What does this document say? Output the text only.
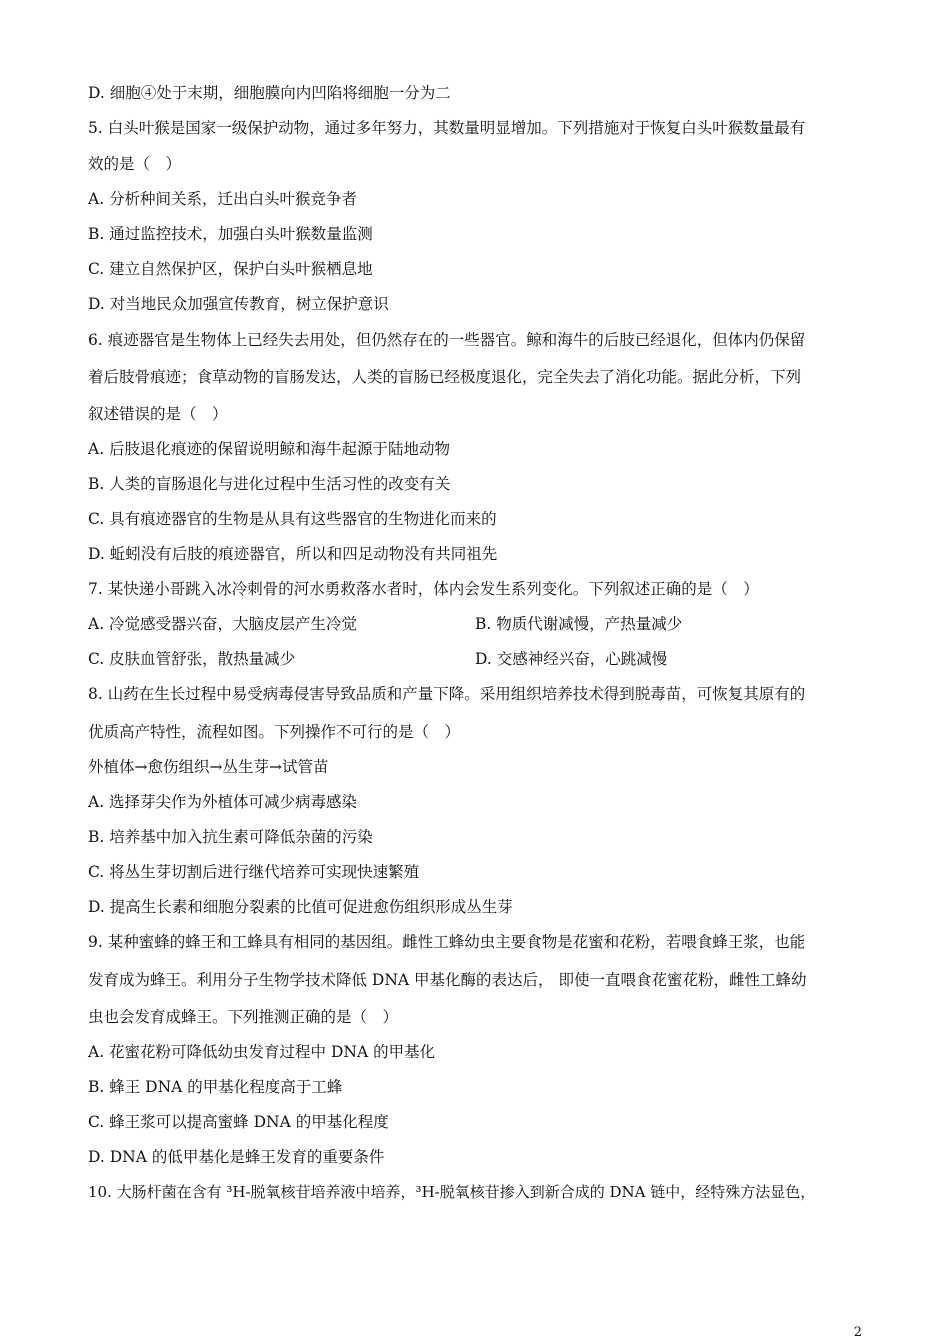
D. 细胞④处于末期，细胞膜向内凹陷将细胞一分为二
5. 白头叶猴是国家一级保护动物，通过多年努力，其数量明显增加。下列措施对于恢复白头叶猴数量最有
效的是（　）
A. 分析种间关系，迁出白头叶猴竞争者
B. 通过监控技术，加强白头叶猴数量监测
C. 建立自然保护区，保护白头叶猴栖息地
D. 对当地民众加强宣传教育，树立保护意识
6. 痕迹器官是生物体上已经失去用处，但仍然存在的一些器官。鲸和海牛的后肢已经退化，但体内仍保留
着后肢骨痕迹；食草动物的盲肠发达，人类的盲肠已经极度退化，完全失去了消化功能。据此分析，下列
叙述错误的是（　）
A. 后肢退化痕迹的保留说明鲸和海牛起源于陆地动物
B. 人类的盲肠退化与进化过程中生活习性的改变有关
C. 具有痕迹器官的生物是从具有这些器官的生物进化而来的
D. 蚯蚓没有后肢的痕迹器官，所以和四足动物没有共同祖先
7. 某快递小哥跳入冰冷刺骨的河水勇救落水者时，体内会发生系列变化。下列叙述正确的是（　）
A. 冷觉感受器兴奋，大脑皮层产生冷觉	B. 物质代谢减慢，产热量减少
C. 皮肤血管舒张，散热量减少	D. 交感神经兴奋，心跳减慢
8. 山药在生长过程中易受病毒侵害导致品质和产量下降。采用组织培养技术得到脱毒苗，可恢复其原有的
优质高产特性，流程如图。下列操作不可行的是（　）
外植体→愈伤组织→丛生芽→试管苗
A. 选择芽尖作为外植体可减少病毒感染
B. 培养基中加入抗生素可降低杂菌的污染
C. 将丛生芽切割后进行继代培养可实现快速繁殖
D. 提高生长素和细胞分裂素的比值可促进愈伤组织形成丛生芽
9. 某种蜜蜂的蜂王和工蜂具有相同的基因组。雌性工蜂幼虫主要食物是花蜜和花粉，若喂食蜂王浆，也能
发育成为蜂王。利用分子生物学技术降低 DNA 甲基化酶的表达后， 即使一直喂食花蜜花粉，雌性工蜂幼
虫也会发育成蜂王。下列推测正确的是（　）
A. 花蜜花粉可降低幼虫发育过程中 DNA 的甲基化
B. 蜂王 DNA 的甲基化程度高于工蜂
C. 蜂王浆可以提高蜜蜂 DNA 的甲基化程度
D. DNA 的低甲基化是蜂王发育的重要条件
10. 大肠杆菌在含有 ³H-脱氧核苷培养液中培养，³H-脱氧核苷掺入到新合成的 DNA 链中，经特殊方法显色，
2
